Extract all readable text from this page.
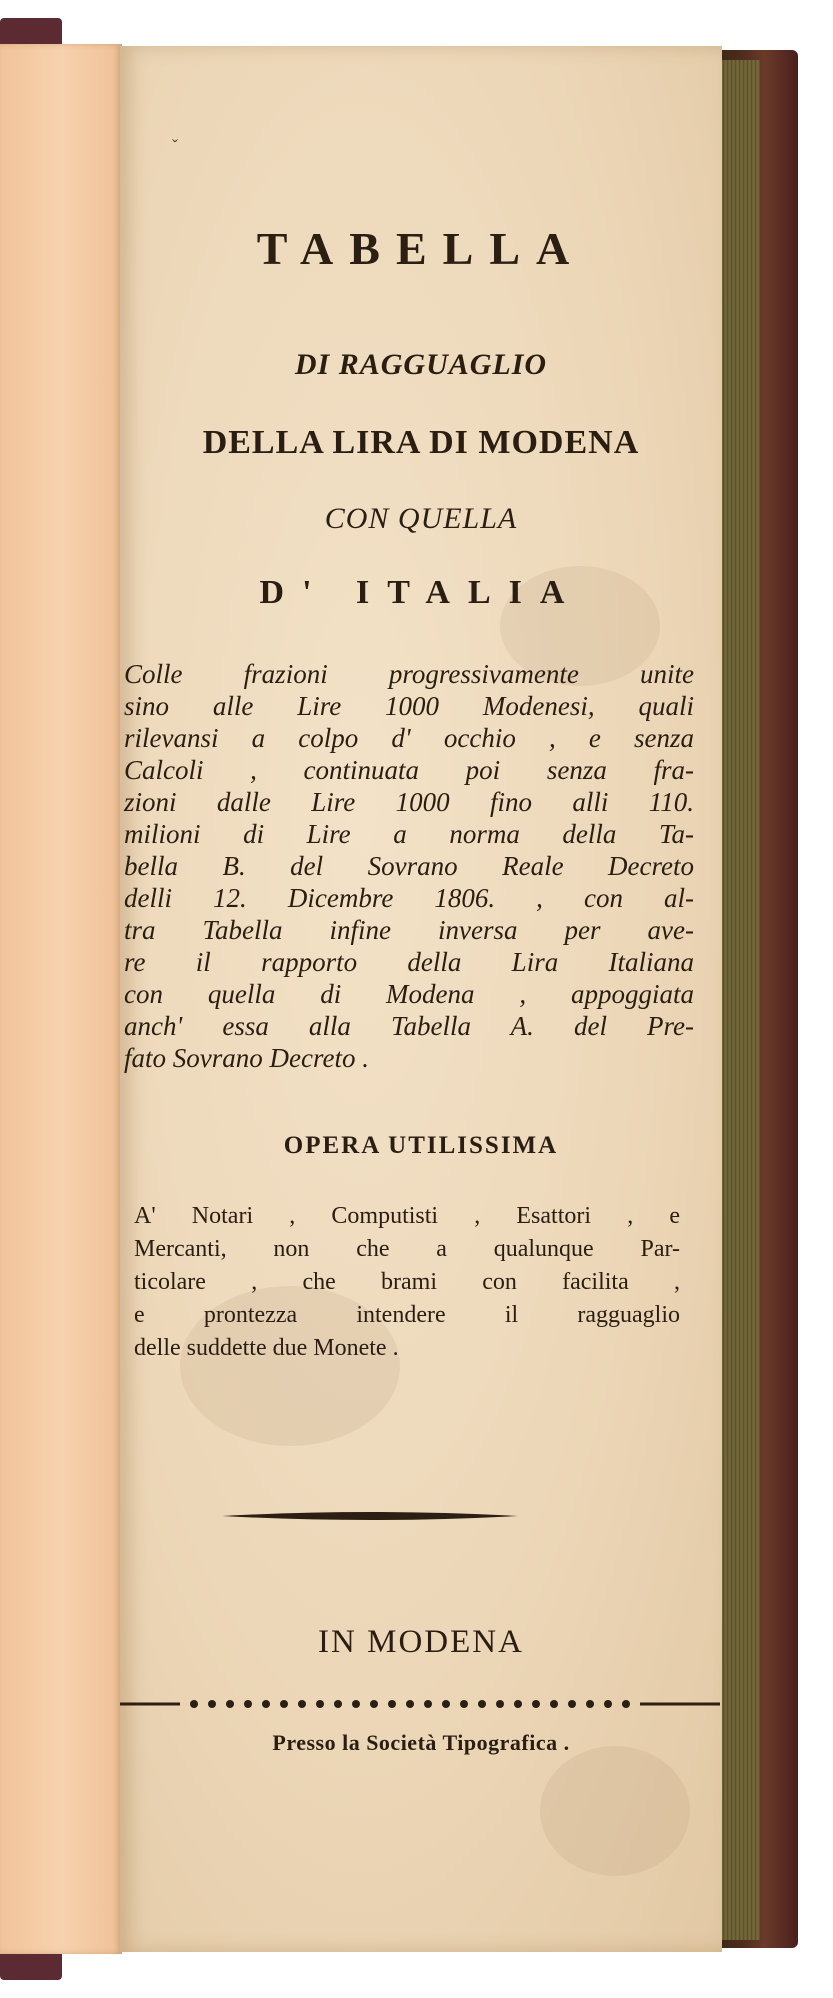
ˇ
TABELLA
DI RAGGUAGLIO
DELLA LIRA DI MODENA
CON QUELLA
D' ITALIA
Colle frazioni progressivamente unite
sino alle Lire 1000 Modenesi, quali
rilevansi a colpo d' occhio , e senza
Calcoli , continuata poi senza fra-
zioni dalle Lire 1000 fino alli 110.
milioni di Lire a norma della Ta-
bella B. del Sovrano Reale Decreto
delli 12. Dicembre 1806. , con al-
tra Tabella infine inversa per ave-
re il rapporto della Lira Italiana
con quella di Modena , appoggiata
anch' essa alla Tabella A. del Pre-
fato Sovrano Decreto .
OPERA UTILISSIMA
A' Notari , Computisti , Esattori , e
Mercanti, non che a qualunque Par-
ticolare , che brami con facilita ,
e prontezza intendere il ragguaglio
delle suddette due Monete .
IN MODENA
Presso la Società Tipografica .
